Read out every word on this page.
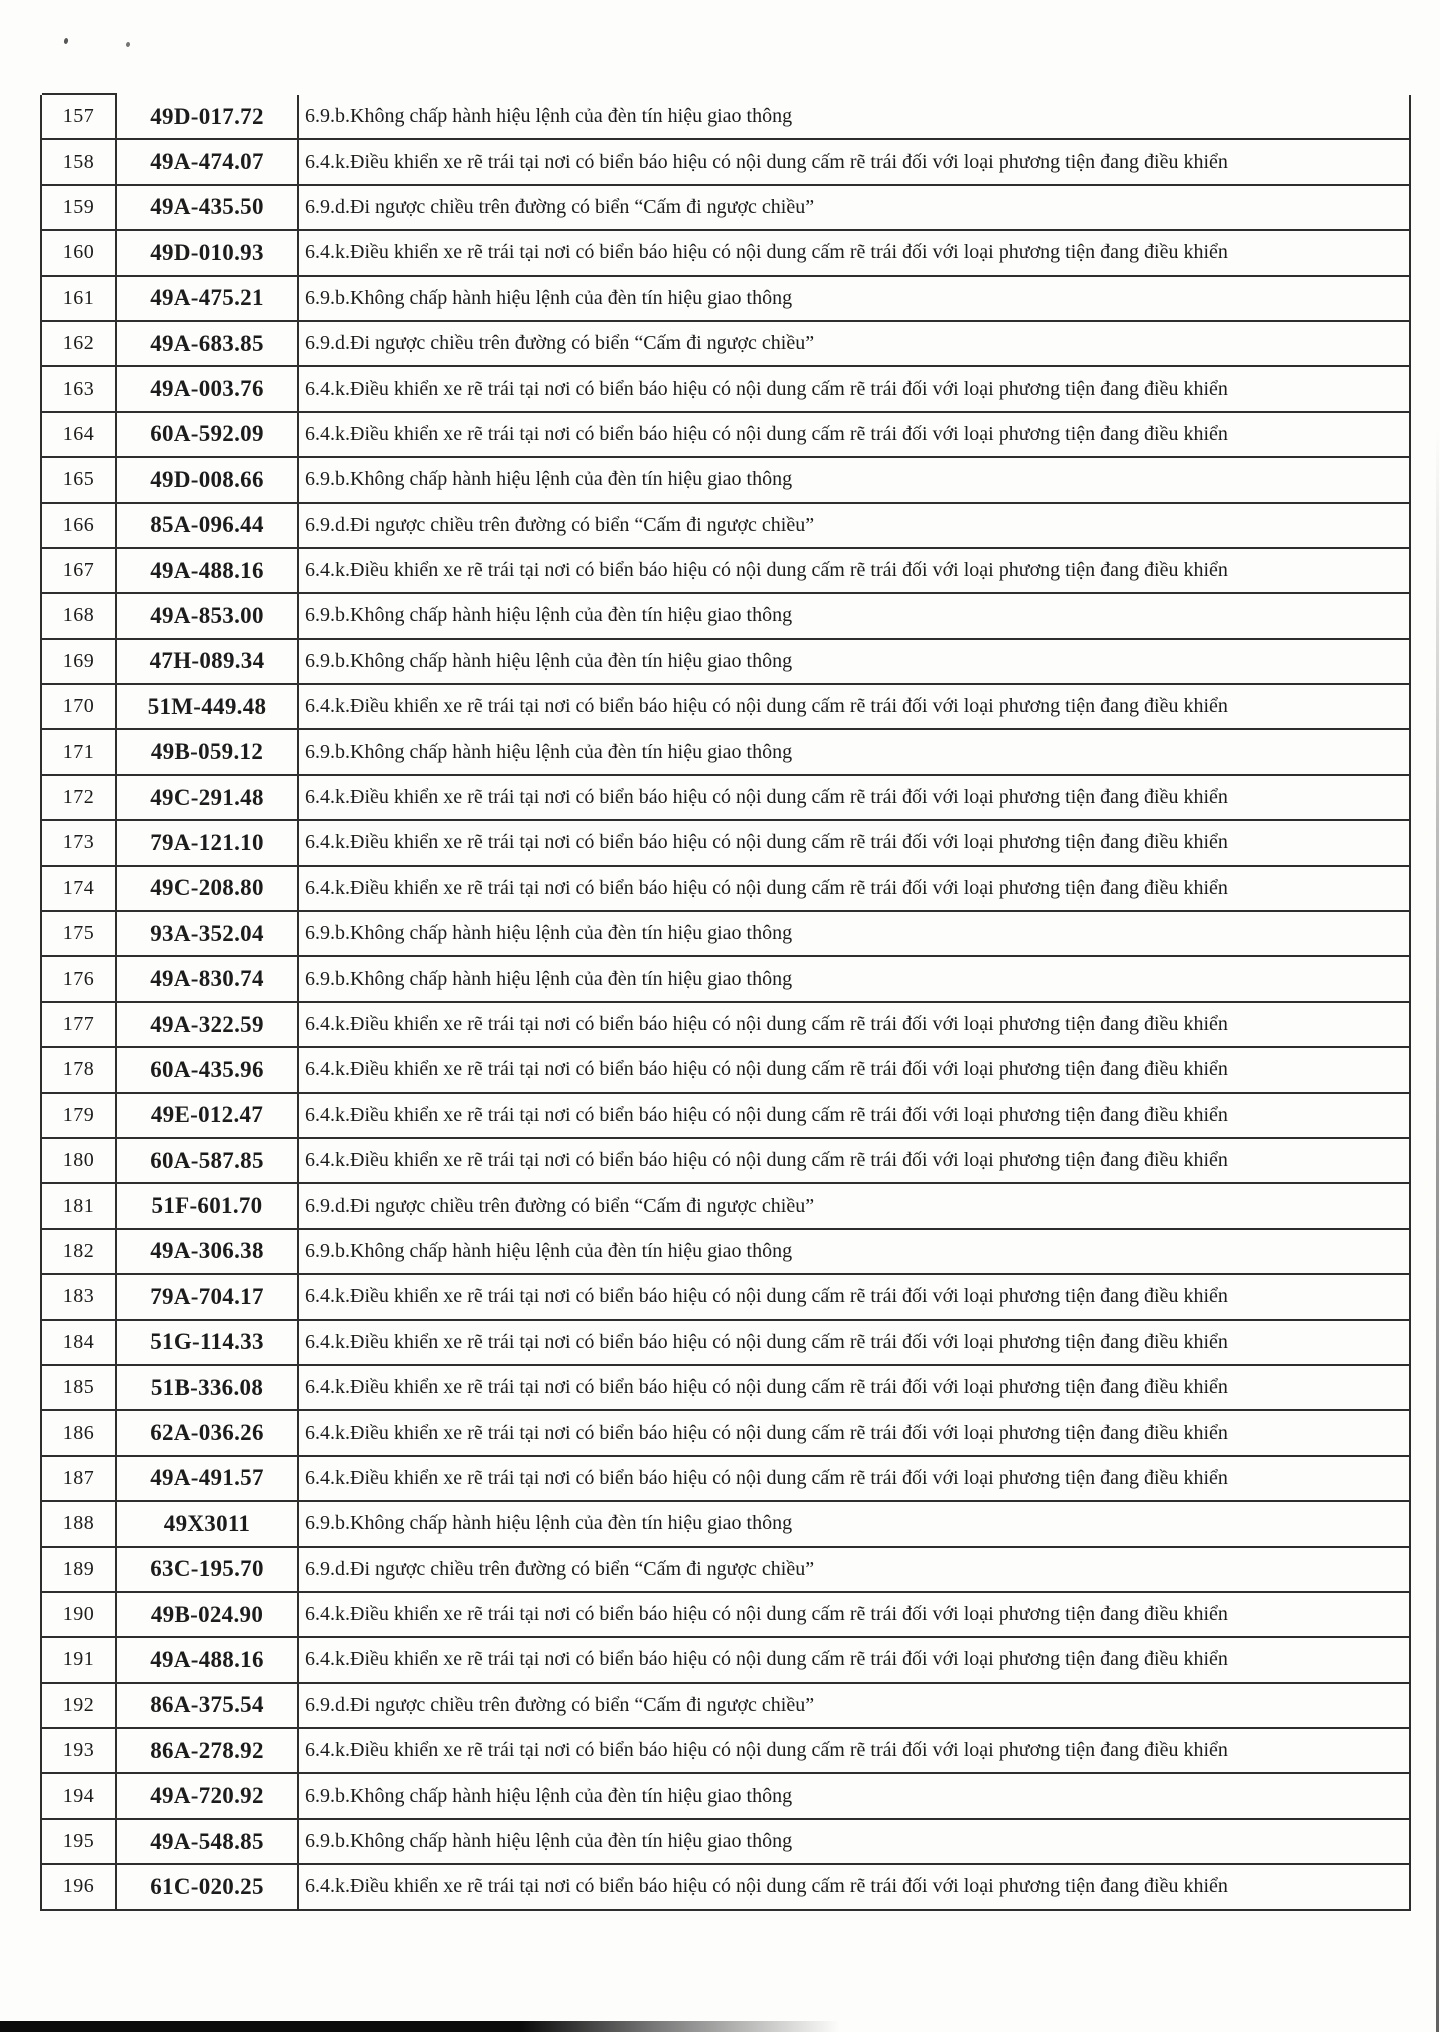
157	49D-017.72	6.9.b.Không chấp hành hiệu lệnh của đèn tín hiệu giao thông
158	49A-474.07	6.4.k.Điều khiển xe rẽ trái tại nơi có biển báo hiệu có nội dung cấm rẽ trái đối với loại phương tiện đang điều khiển
159	49A-435.50	6.9.d.Đi ngược chiều trên đường có biển “Cấm đi ngược chiều”
160	49D-010.93	6.4.k.Điều khiển xe rẽ trái tại nơi có biển báo hiệu có nội dung cấm rẽ trái đối với loại phương tiện đang điều khiển
161	49A-475.21	6.9.b.Không chấp hành hiệu lệnh của đèn tín hiệu giao thông
162	49A-683.85	6.9.d.Đi ngược chiều trên đường có biển “Cấm đi ngược chiều”
163	49A-003.76	6.4.k.Điều khiển xe rẽ trái tại nơi có biển báo hiệu có nội dung cấm rẽ trái đối với loại phương tiện đang điều khiển
164	60A-592.09	6.4.k.Điều khiển xe rẽ trái tại nơi có biển báo hiệu có nội dung cấm rẽ trái đối với loại phương tiện đang điều khiển
165	49D-008.66	6.9.b.Không chấp hành hiệu lệnh của đèn tín hiệu giao thông
166	85A-096.44	6.9.d.Đi ngược chiều trên đường có biển “Cấm đi ngược chiều”
167	49A-488.16	6.4.k.Điều khiển xe rẽ trái tại nơi có biển báo hiệu có nội dung cấm rẽ trái đối với loại phương tiện đang điều khiển
168	49A-853.00	6.9.b.Không chấp hành hiệu lệnh của đèn tín hiệu giao thông
169	47H-089.34	6.9.b.Không chấp hành hiệu lệnh của đèn tín hiệu giao thông
170	51M-449.48	6.4.k.Điều khiển xe rẽ trái tại nơi có biển báo hiệu có nội dung cấm rẽ trái đối với loại phương tiện đang điều khiển
171	49B-059.12	6.9.b.Không chấp hành hiệu lệnh của đèn tín hiệu giao thông
172	49C-291.48	6.4.k.Điều khiển xe rẽ trái tại nơi có biển báo hiệu có nội dung cấm rẽ trái đối với loại phương tiện đang điều khiển
173	79A-121.10	6.4.k.Điều khiển xe rẽ trái tại nơi có biển báo hiệu có nội dung cấm rẽ trái đối với loại phương tiện đang điều khiển
174	49C-208.80	6.4.k.Điều khiển xe rẽ trái tại nơi có biển báo hiệu có nội dung cấm rẽ trái đối với loại phương tiện đang điều khiển
175	93A-352.04	6.9.b.Không chấp hành hiệu lệnh của đèn tín hiệu giao thông
176	49A-830.74	6.9.b.Không chấp hành hiệu lệnh của đèn tín hiệu giao thông
177	49A-322.59	6.4.k.Điều khiển xe rẽ trái tại nơi có biển báo hiệu có nội dung cấm rẽ trái đối với loại phương tiện đang điều khiển
178	60A-435.96	6.4.k.Điều khiển xe rẽ trái tại nơi có biển báo hiệu có nội dung cấm rẽ trái đối với loại phương tiện đang điều khiển
179	49E-012.47	6.4.k.Điều khiển xe rẽ trái tại nơi có biển báo hiệu có nội dung cấm rẽ trái đối với loại phương tiện đang điều khiển
180	60A-587.85	6.4.k.Điều khiển xe rẽ trái tại nơi có biển báo hiệu có nội dung cấm rẽ trái đối với loại phương tiện đang điều khiển
181	51F-601.70	6.9.d.Đi ngược chiều trên đường có biển “Cấm đi ngược chiều”
182	49A-306.38	6.9.b.Không chấp hành hiệu lệnh của đèn tín hiệu giao thông
183	79A-704.17	6.4.k.Điều khiển xe rẽ trái tại nơi có biển báo hiệu có nội dung cấm rẽ trái đối với loại phương tiện đang điều khiển
184	51G-114.33	6.4.k.Điều khiển xe rẽ trái tại nơi có biển báo hiệu có nội dung cấm rẽ trái đối với loại phương tiện đang điều khiển
185	51B-336.08	6.4.k.Điều khiển xe rẽ trái tại nơi có biển báo hiệu có nội dung cấm rẽ trái đối với loại phương tiện đang điều khiển
186	62A-036.26	6.4.k.Điều khiển xe rẽ trái tại nơi có biển báo hiệu có nội dung cấm rẽ trái đối với loại phương tiện đang điều khiển
187	49A-491.57	6.4.k.Điều khiển xe rẽ trái tại nơi có biển báo hiệu có nội dung cấm rẽ trái đối với loại phương tiện đang điều khiển
188	49X3011	6.9.b.Không chấp hành hiệu lệnh của đèn tín hiệu giao thông
189	63C-195.70	6.9.d.Đi ngược chiều trên đường có biển “Cấm đi ngược chiều”
190	49B-024.90	6.4.k.Điều khiển xe rẽ trái tại nơi có biển báo hiệu có nội dung cấm rẽ trái đối với loại phương tiện đang điều khiển
191	49A-488.16	6.4.k.Điều khiển xe rẽ trái tại nơi có biển báo hiệu có nội dung cấm rẽ trái đối với loại phương tiện đang điều khiển
192	86A-375.54	6.9.d.Đi ngược chiều trên đường có biển “Cấm đi ngược chiều”
193	86A-278.92	6.4.k.Điều khiển xe rẽ trái tại nơi có biển báo hiệu có nội dung cấm rẽ trái đối với loại phương tiện đang điều khiển
194	49A-720.92	6.9.b.Không chấp hành hiệu lệnh của đèn tín hiệu giao thông
195	49A-548.85	6.9.b.Không chấp hành hiệu lệnh của đèn tín hiệu giao thông
196	61C-020.25	6.4.k.Điều khiển xe rẽ trái tại nơi có biển báo hiệu có nội dung cấm rẽ trái đối với loại phương tiện đang điều khiển
